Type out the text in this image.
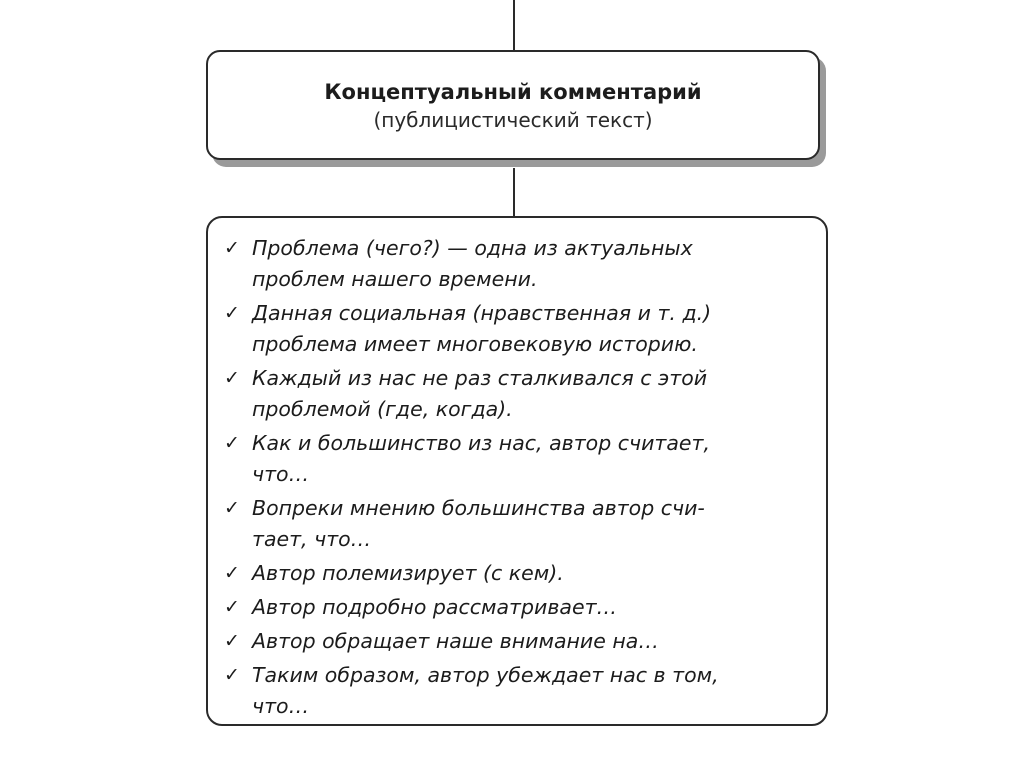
Концептуальный комментарий
(публицистический текст)
✓ Проблема (чего?) — одна из актуальных
проблем нашего времени.
✓ Данная социальная (нравственная и т. д.)
проблема имеет многовековую историю.
✓ Каждый из нас не раз сталкивался с этой
проблемой (где, когда).
✓ Как и большинство из нас, автор считает,
что…
✓ Вопреки мнению большинства автор счи-
тает, что…
✓ Автор полемизирует (с кем).
✓ Автор подробно рассматривает…
✓ Автор обращает наше внимание на…
✓ Таким образом, автор убеждает нас в том,
что…
